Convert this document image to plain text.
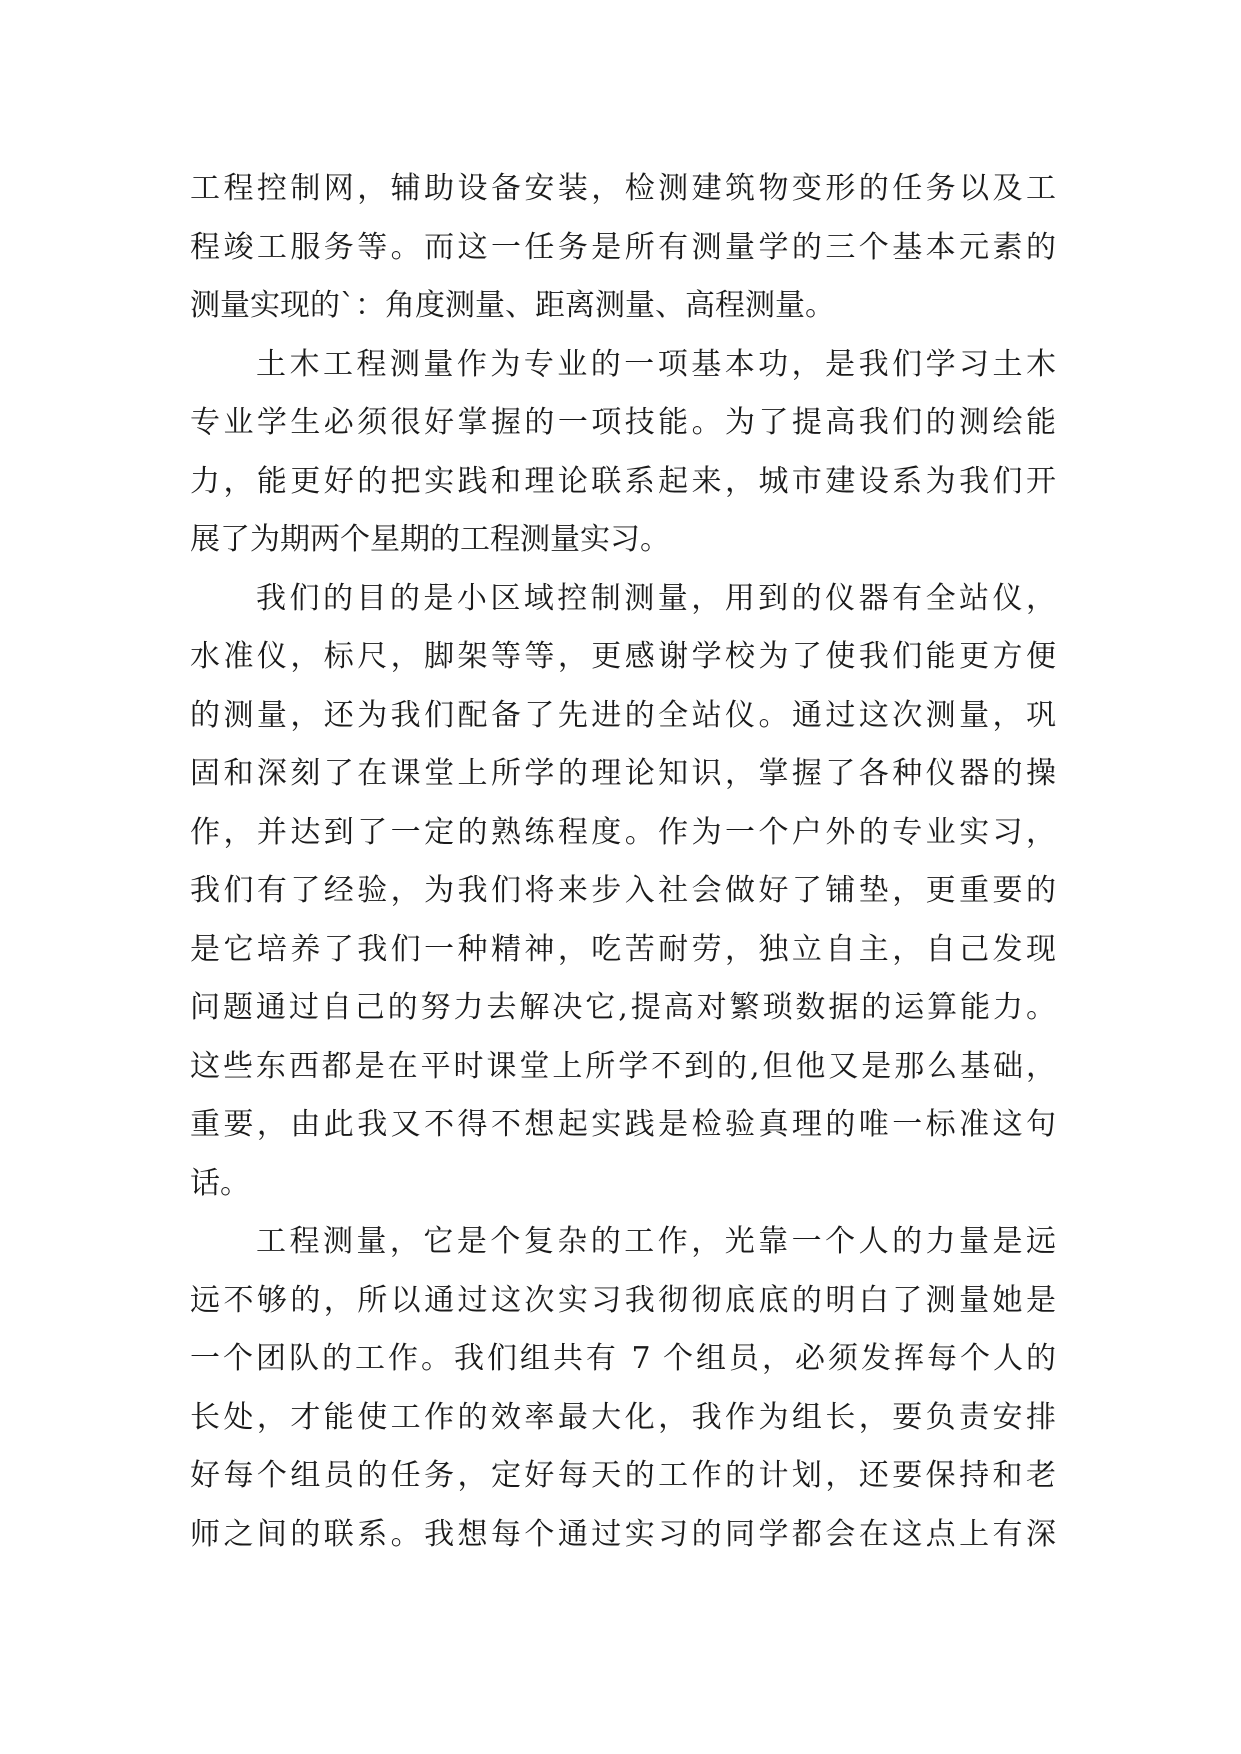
工程控制网，辅助设备安装，检测建筑物变形的任务以及工
程竣工服务等。而这一任务是所有测量学的三个基本元素的
测量实现的`：角度测量、距离测量、高程测量。
土木工程测量作为专业的一项基本功，是我们学习土木
专业学生必须很好掌握的一项技能。为了提高我们的测绘能
力，能更好的把实践和理论联系起来，城市建设系为我们开
展了为期两个星期的工程测量实习。
我们的目的是小区域控制测量，用到的仪器有全站仪，
水准仪，标尺，脚架等等，更感谢学校为了使我们能更方便
的测量，还为我们配备了先进的全站仪。通过这次测量，巩
固和深刻了在课堂上所学的理论知识，掌握了各种仪器的操
作，并达到了一定的熟练程度。作为一个户外的专业实习，
我们有了经验，为我们将来步入社会做好了铺垫，更重要的
是它培养了我们一种精神，吃苦耐劳，独立自主，自己发现
问题通过自己的努力去解决它,提高对繁琐数据的运算能力。
这些东西都是在平时课堂上所学不到的,但他又是那么基础，
重要，由此我又不得不想起实践是检验真理的唯一标准这句
话。
工程测量，它是个复杂的工作，光靠一个人的力量是远
远不够的，所以通过这次实习我彻彻底底的明白了测量她是
一个团队的工作。我们组共有 7 个组员，必须发挥每个人的
长处，才能使工作的效率最大化，我作为组长，要负责安排
好每个组员的任务，定好每天的工作的计划，还要保持和老
师之间的联系。我想每个通过实习的同学都会在这点上有深
